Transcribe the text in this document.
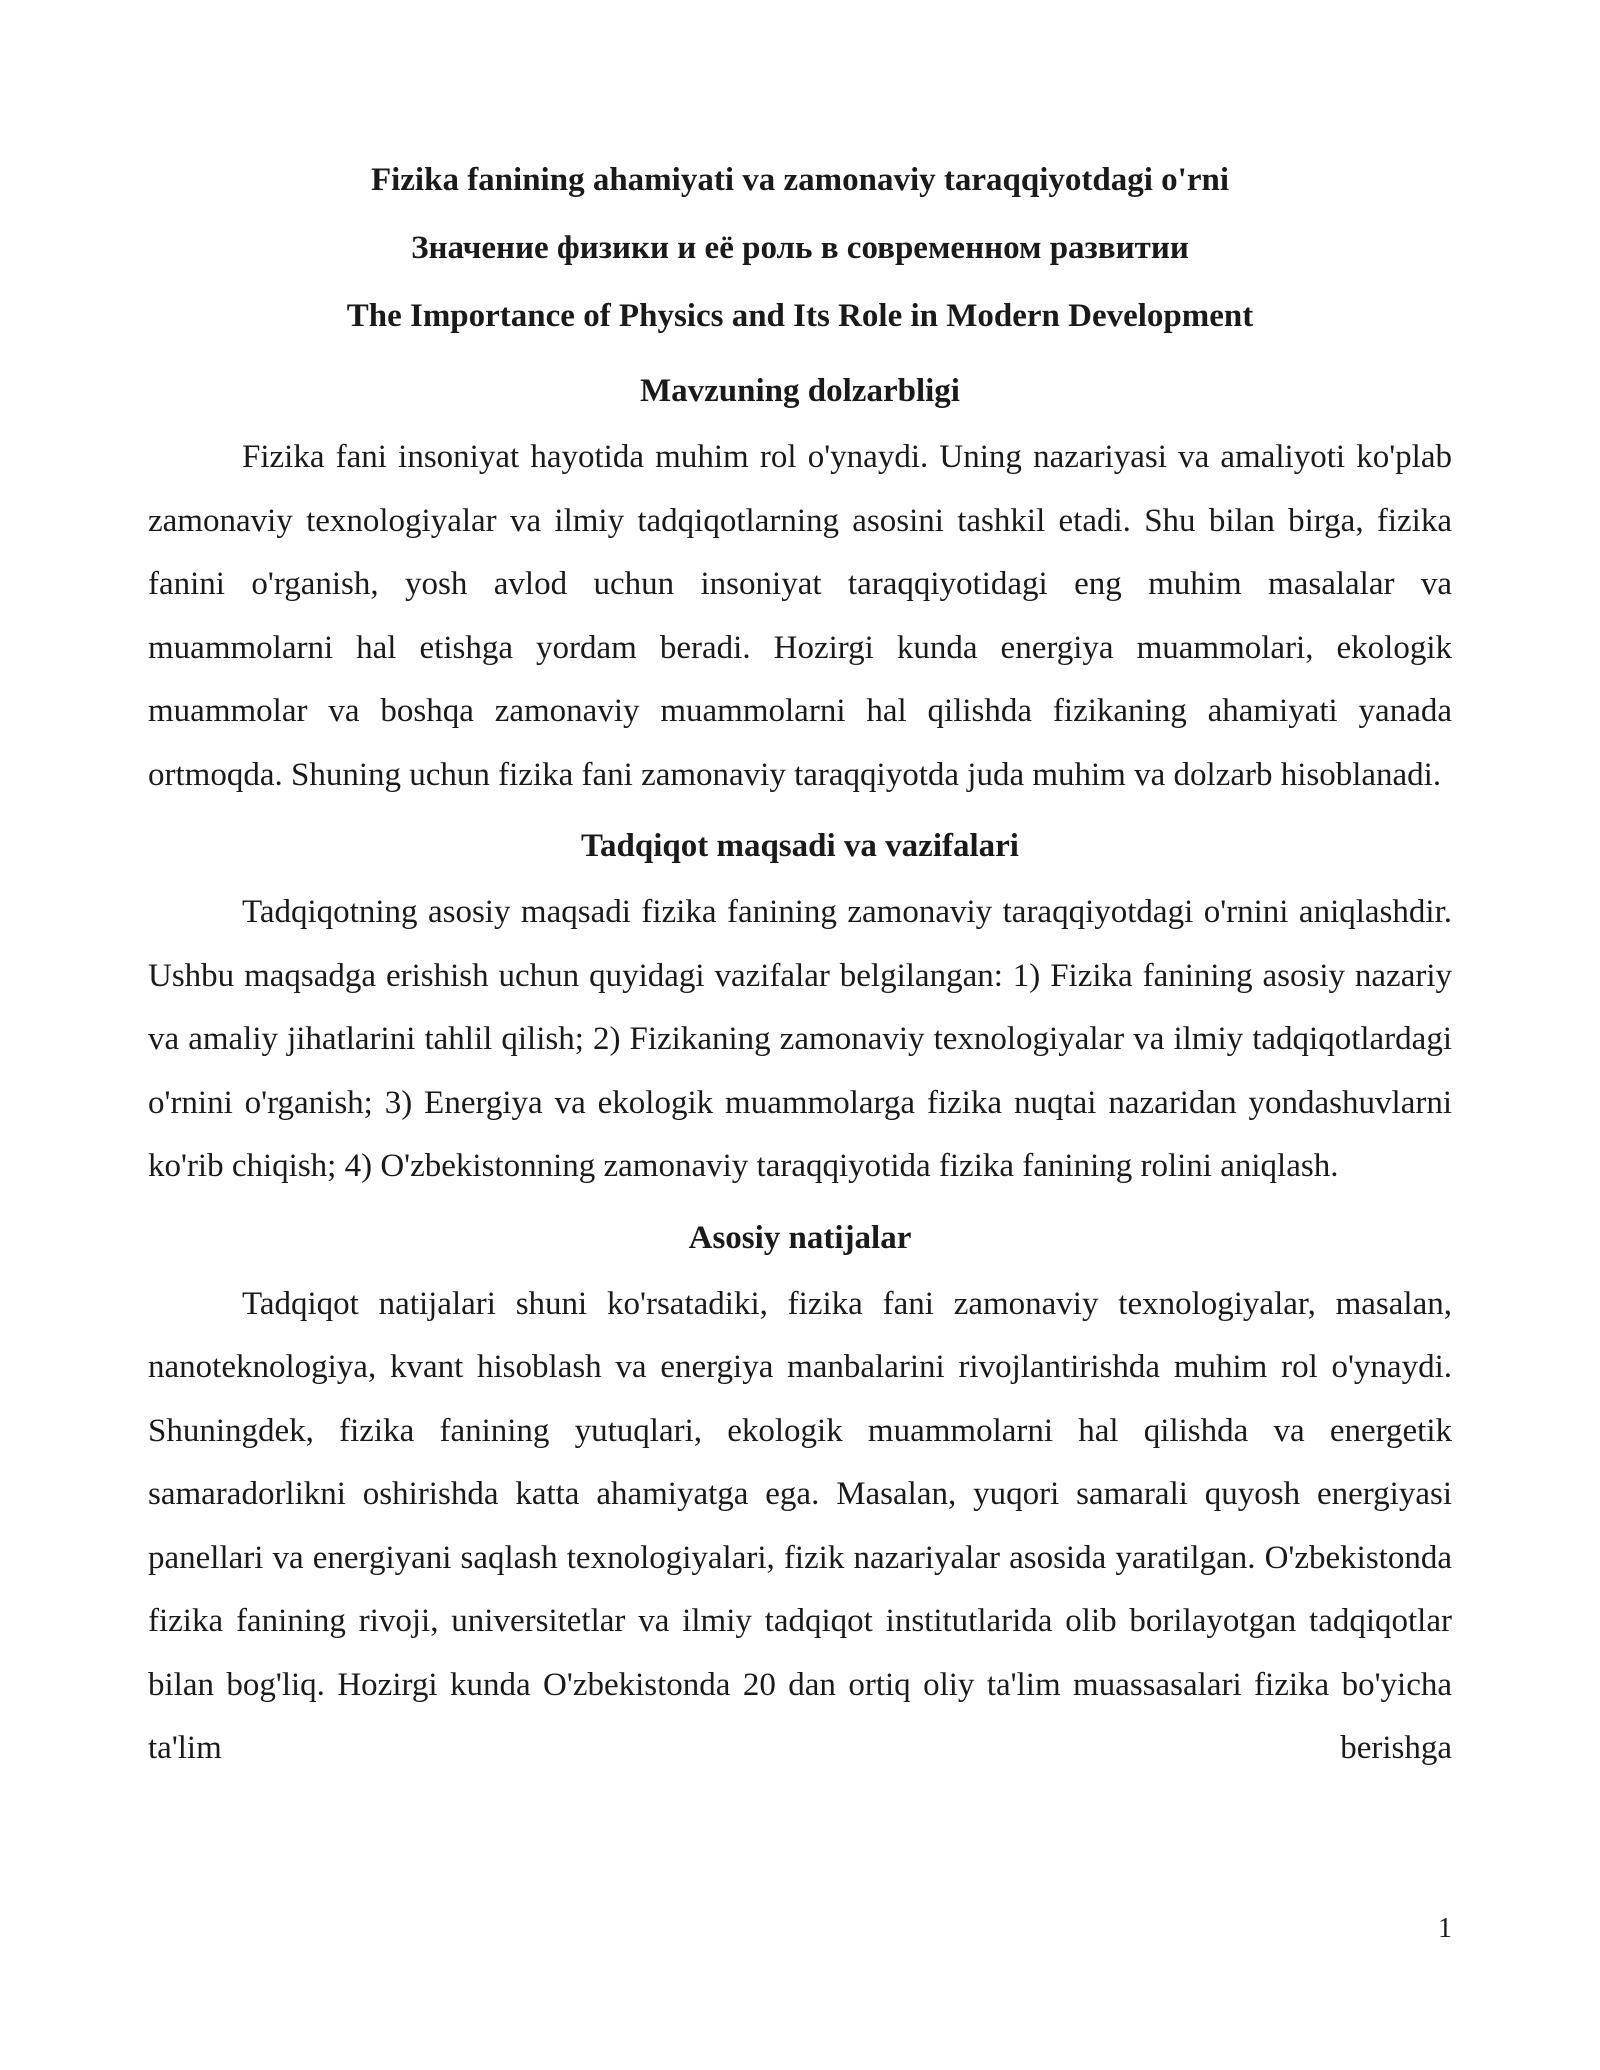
Fizika fanining ahamiyati va zamonaviy taraqqiyotdagi o'rni

Значение физики и её роль в современном развитии

The Importance of Physics and Its Role in Modern Development

Mavzuning dolzarbligi

Fizika fani insoniyat hayotida muhim rol o'ynaydi. Uning nazariyasi va amaliyoti ko'plab zamonaviy texnologiyalar va ilmiy tadqiqotlarning asosini tashkil etadi. Shu bilan birga, fizika fanini o'rganish, yosh avlod uchun insoniyat taraqqiyotidagi eng muhim masalalar va muammolarni hal etishga yordam beradi. Hozirgi kunda energiya muammolari, ekologik muammolar va boshqa zamonaviy muammolarni hal qilishda fizikaning ahamiyati yanada ortmoqda. Shuning uchun fizika fani zamonaviy taraqqiyotda juda muhim va dolzarb hisoblanadi.

Tadqiqot maqsadi va vazifalari

Tadqiqotning asosiy maqsadi fizika fanining zamonaviy taraqqiyotdagi o'rnini aniqlashdir. Ushbu maqsadga erishish uchun quyidagi vazifalar belgilangan: 1) Fizika fanining asosiy nazariy va amaliy jihatlarini tahlil qilish; 2) Fizikaning zamonaviy texnologiyalar va ilmiy tadqiqotlardagi o'rnini o'rganish; 3) Energiya va ekologik muammolarga fizika nuqtai nazaridan yondashuvlarni ko'rib chiqish; 4) O'zbekistonning zamonaviy taraqqiyotida fizika fanining rolini aniqlash.

Asosiy natijalar

Tadqiqot natijalari shuni ko'rsatadiki, fizika fani zamonaviy texnologiyalar, masalan, nanoteknologiya, kvant hisoblash va energiya manbalarini rivojlantirishda muhim rol o'ynaydi. Shuningdek, fizika fanining yutuqlari, ekologik muammolarni hal qilishda va energetik samaradorlikni oshirishda katta ahamiyatga ega. Masalan, yuqori samarali quyosh energiyasi panellari va energiyani saqlash texnologiyalari, fizik nazariyalar asosida yaratilgan. O'zbekistonda fizika fanining rivoji, universitetlar va ilmiy tadqiqot institutlarida olib borilayotgan tadqiqotlar bilan bog'liq. Hozirgi kunda O'zbekistonda 20 dan ortiq oliy ta'lim muassasalari fizika bo'yicha ta'lim berishga

1
